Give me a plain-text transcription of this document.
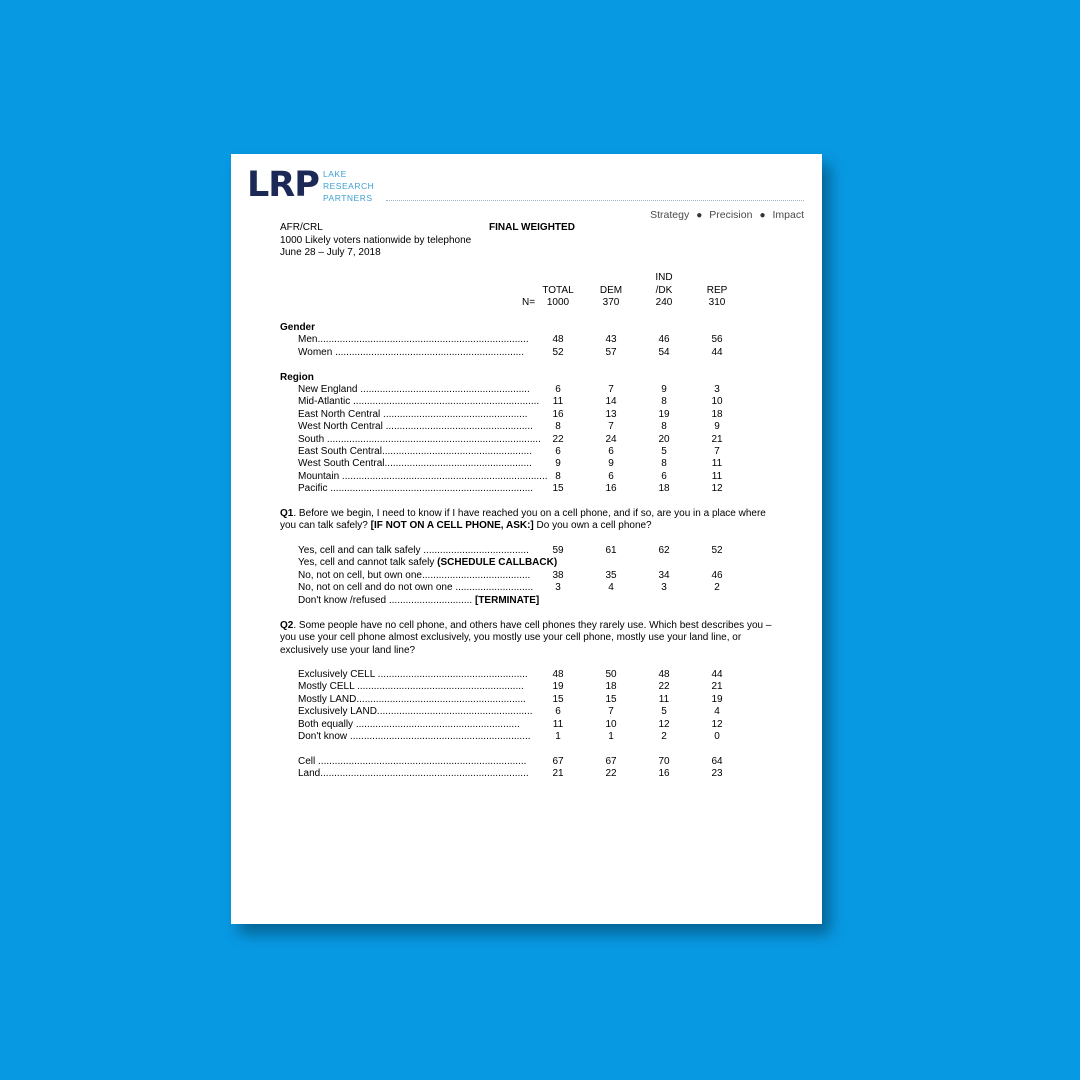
LRP LAKE
RESEARCH
PARTNERS
Strategy ● Precision ● Impact
AFR/CRL	FINAL WEIGHTED
1000 Likely voters nationwide by telephone
June 28 – July 7, 2018
IND
TOTAL	DEM	/DK	REP
N=	1000	370	240	310
Gender
Region
Q1. Before we begin, I need to know if I have reached you on a cell phone, and if so, are you in a place where you can talk safely? [IF NOT ON A CELL PHONE, ASK:] Do you own a cell phone?
Q2. Some people have no cell phone, and others have cell phones they rarely use. Which best describes you – you use your cell phone almost exclusively, you mostly use your cell phone, mostly use your land line, or exclusively use your land line?
Men............................................................................	48	43	46	56
Women ....................................................................	52	57	54	44
New England .............................................................	6	7	9	3
Mid-Atlantic ...................................................................	11	14	8	10
East North Central ....................................................	16	13	19	18
West North Central .....................................................	8	7	8	9
South .............................................................................	22	24	20	21
East South Central......................................................	6	6	5	7
West South Central.....................................................	9	9	8	11
Mountain .......................................................................... 8	6	6	11
Pacific .........................................................................	15	16	18	12
Yes, cell and can talk safely ......................................	59	61	62	52
Yes, cell and cannot talk safely (SCHEDULE CALLBACK)
No, not on cell, but own one.......................................	38	35	34	46
No, not on cell and do not own one ............................	3	4	3	2
Don't know /refused .............................. [TERMINATE]
Exclusively CELL ......................................................	48	50	48	44
Mostly CELL ............................................................	19	18	22	21
Mostly LAND.............................................................	15	15	11	19
Exclusively LAND........................................................	6	7	5	4
Both equally ...........................................................	11	10	12	12
Don't know .................................................................	1	1	2	0
Cell ...........................................................................	67	67	70	64
Land...........................................................................	21	22	16	23
